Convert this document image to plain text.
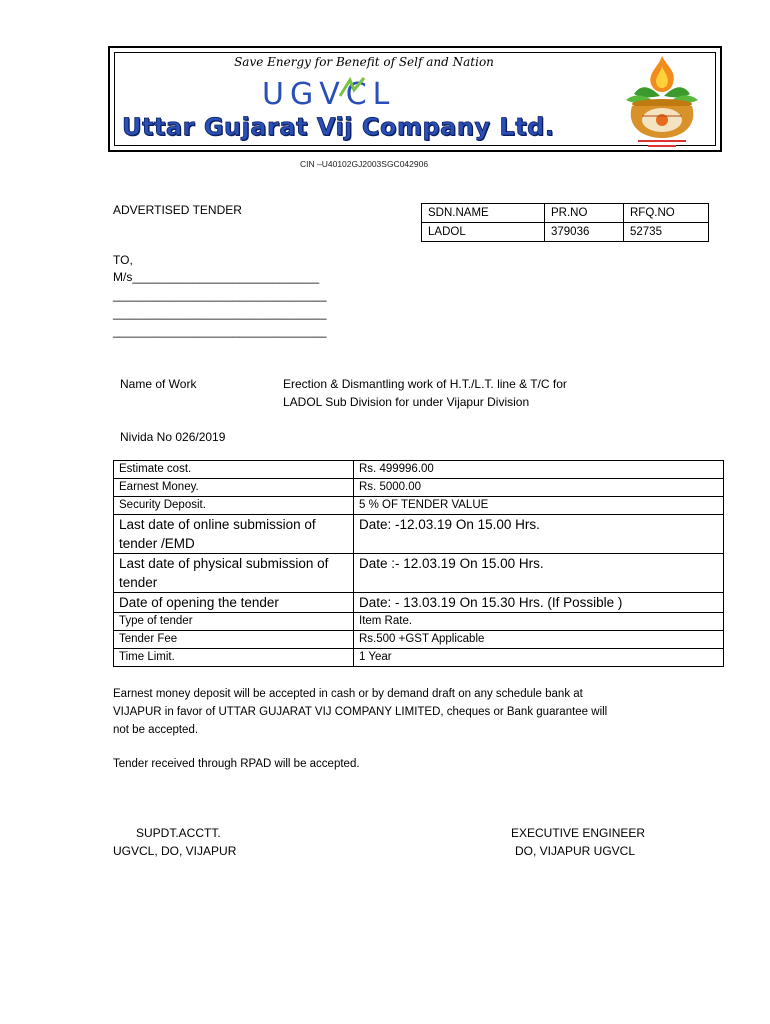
Save Energy for Benefit of Self and Nation
UGVCL
Uttar Gujarat Vij Company Ltd.
CIN –U40102GJ2003SGC042906
ADVERTISED TENDER	SDN.NAME	PR.NO	RFQ.NO
LADOL	379036	52735
TO,
M/s____________________________
________________________________
________________________________
________________________________
Name of Work	Erection & Dismantling work of H.T./L.T. line & T/C for
LADOL Sub Division for under Vijapur Division
Nivida No 026/2019
Estimate cost.	Rs. 499996.00
Earnest Money.	Rs. 5000.00
Security Deposit.	5 % OF TENDER VALUE
Last date of online submission of tender /EMD	Date: -12.03.19 On 15.00 Hrs.
Last date of physical submission of tender	Date :- 12.03.19 On 15.00 Hrs.
Date of opening the tender	Date: - 13.03.19 On 15.30 Hrs. (If Possible )
Type of tender	Item Rate.
Tender Fee	Rs.500 +GST Applicable
Time Limit.	1 Year
Earnest money deposit will be accepted in cash or by demand draft on any schedule bank at
VIJAPUR in favor of UTTAR GUJARAT VIJ COMPANY LIMITED, cheques or Bank guarantee will
not be accepted.
Tender received through RPAD will be accepted.
SUPDT.ACCTT.
UGVCL, DO, VIJAPUR
EXECUTIVE ENGINEER
DO, VIJAPUR UGVCL
